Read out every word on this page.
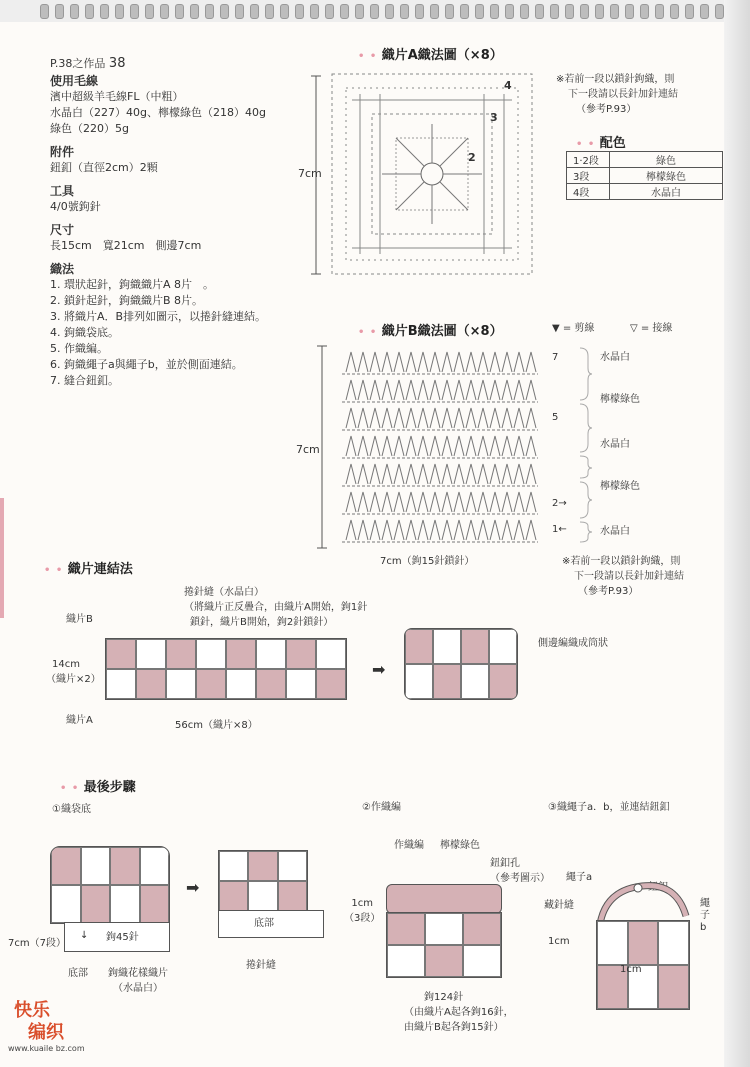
P.38之作品 38
使用毛線
濱中超級羊毛線FL（中粗）
水晶白（227）40g、檸檬綠色（218）40g
綠色（220）5g
附件
鈕釦（直徑2cm）2顆
工具
4/0號鉤針
尺寸
長15cm　寬21cm　側邊7cm
織法
1. 環狀起針，鉤織織片A 8片　。
2. 鎖針起針，鉤織織片B 8片。
3. 將織片A．B排列如圖示，以捲針縫連結。
4. 鉤織袋底。
5. 作織編。
6. 鉤織繩子a與繩子b，並於側面連結。
7. 縫合鈕釦。
• • 織片A織法圖（×8）
7cm
4
3
2
※若前一段以鎖針鉤織，則
下一段請以長針加針連結
（參考P.93）
• • 配色
1·2段	綠色
3段	檸檬綠色
4段	水晶白
• • 織片B織法圖（×8）	▼ = 剪線	▽ = 接線
7cm
7cm（鉤15針鎖針）
7
5
2→
1←
水晶白
檸檬綠色
水晶白
檸檬綠色
水晶白
※若前一段以鎖針鉤織，則
下一段請以長針加針連結
（參考P.93）
• • 織片連結法
捲針縫（水晶白）
（將織片正反疊合，由織片A開始，鉤1針
鎖針，織片B開始，鉤2針鎖針）
織片B
織片A
14cm
（織片×2）
56cm（織片×8）
➡
側邊編織成筒狀
• • 最後步驟
①織袋底	②作織編	③織繩子a．b，並連結鈕釦
7cm（7段）
↓ 鉤45針
底部 鉤織花樣織片
（水晶白）
➡
底部
捲針縫
作織編 檸檬綠色
鈕釦孔
（參考圖示）
1cm
（3段）
鉤124針
（由織片A起各鉤16針，
由織片B起各鉤15針）
繩子a
鈕釦
繩子b
藏針縫
1cm
1cm
快乐
编织
www.kuaile bz.com
